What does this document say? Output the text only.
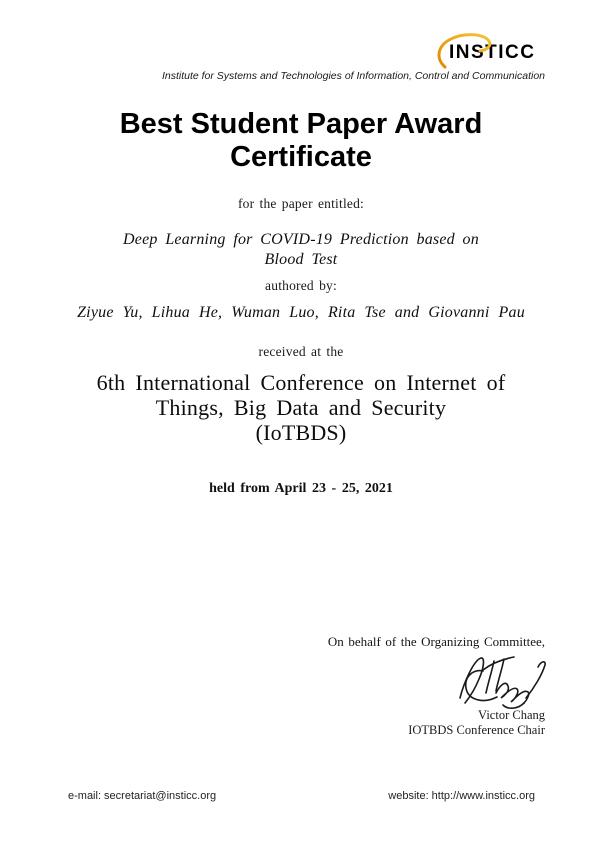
INSTICC
Institute for Systems and Technologies of Information, Control and Communication
Best Student Paper Award
Certificate
for the paper entitled:
Deep Learning for COVID-19 Prediction based on
Blood Test
authored by:
Ziyue Yu, Lihua He, Wuman Luo, Rita Tse and Giovanni Pau
received at the
6th International Conference on Internet of
Things, Big Data and Security
(IoTBDS)
held from April 23 - 25, 2021
On behalf of the Organizing Committee,
Victor Chang
IOTBDS Conference Chair
e-mail: secretariat@insticc.org	website: http://www.insticc.org
